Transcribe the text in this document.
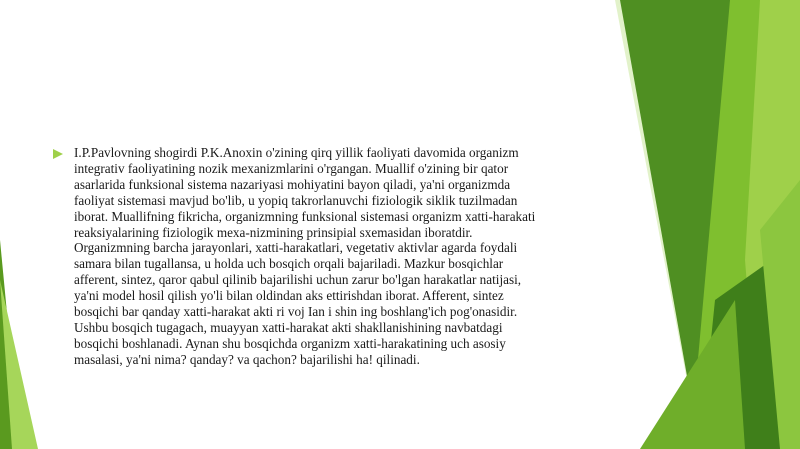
I.P.Pavlovning shogirdi P.K.Anoxin o'zining qirq yillik faoliyati davomida organizm
integrativ faoliyatining nozik mexanizmlarini o'rgangan. Muallif o'zining bir qator
asarlarida funksional sistema nazariyasi mohiyatini bayon qiladi, ya'ni organizmda
faoliyat sistemasi mavjud bo'lib, u yopiq takrorlanuvchi fiziologik siklik tuzilmadan
iborat. Muallifning fikricha, organizmning funksional sistemasi organizm xatti-harakati
reaksiyalarining fiziologik mexa-nizmining prinsipial sxemasidan iboratdir.
Organizmning barcha jarayonlari, xatti-harakatlari, vegetativ aktivlar agarda foydali
samara bilan tugallansa, u holda uch bosqich orqali bajariladi. Mazkur bosqichlar
afferent, sintez, qaror qabul qilinib bajarilishi uchun zarur bo'lgan harakatlar natijasi,
ya'ni model hosil qilish yo'li bilan oldindan aks ettirishdan iborat. Afferent, sintez
bosqichi bar qanday xatti-harakat akti ri voj Ian i shin ing boshlang'ich pog'onasidir.
Ushbu bosqich tugagach, muayyan xatti-harakat akti shakllanishining navbatdagi
bosqichi boshlanadi. Aynan shu bosqichda organizm xatti-harakatining uch asosiy
masalasi, ya'ni nima? qanday? va qachon? bajarilishi ha! qilinadi.
